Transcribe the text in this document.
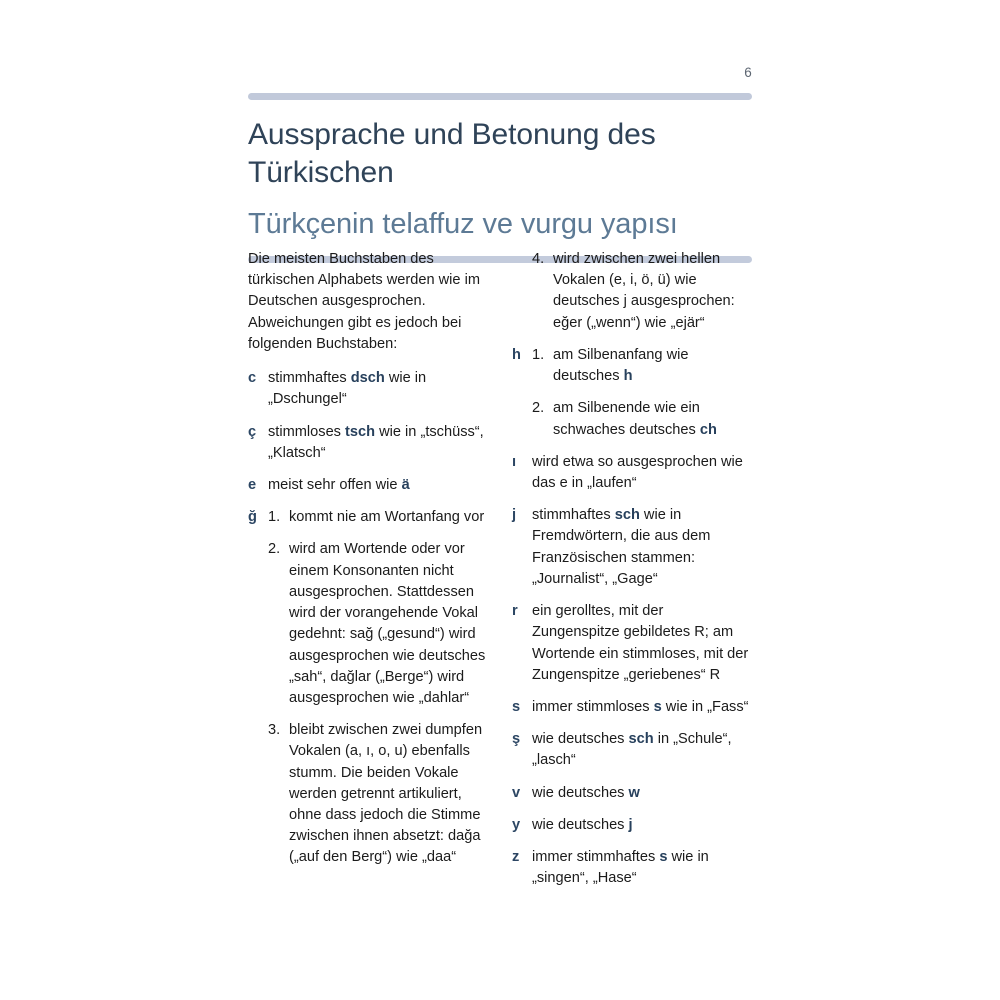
6
Aussprache und Betonung des Türkischen
Türkçenin telaffuz ve vurgu yapısı

Die meisten Buchstaben des türkischen Alphabets werden wie im Deutschen ausgesprochen. Abweichungen gibt es jedoch bei folgenden Buchstaben:

c stimmhaftes dsch wie in „Dschungel“
ç stimmloses tsch wie in „tschüss“, „Klatsch“
e meist sehr offen wie ä
ğ 1. kommt nie am Wortanfang vor
2. wird am Wortende oder vor einem Konsonanten nicht ausgesprochen. Stattdessen wird der vorangehende Vokal gedehnt: sağ („gesund“) wird ausgesprochen wie deutsches „sah“, dağlar („Berge“) wird ausgesprochen wie „dahlar“
3. bleibt zwischen zwei dumpfen Vokalen (a, ı, o, u) ebenfalls stumm. Die beiden Vokale werden getrennt artikuliert, ohne dass jedoch die Stimme zwischen ihnen absetzt: dağa („auf den Berg“) wie „daa“
4. wird zwischen zwei hellen Vokalen (e, i, ö, ü) wie deutsches j ausgesprochen: eğer („wenn“) wie „ejär“
h 1. am Silbenanfang wie deutsches h
2. am Silbenende wie ein schwaches deutsches ch
ı	wird etwa so ausgesprochen wie das e in „laufen“
j	stimmhaftes sch wie in Fremdwörtern, die aus dem Französischen stammen: „Journalist“, „Gage“
r ein gerolltes, mit der Zungenspitze gebildetes R; am Wortende ein stimmloses, mit der Zungenspitze „geriebenes“ R
s immer stimmloses s wie in „Fass“
ş wie deutsches sch in „Schule“, „lasch“
v wie deutsches w
y wie deutsches j
z immer stimmhaftes s wie in „singen“, „Hase“
